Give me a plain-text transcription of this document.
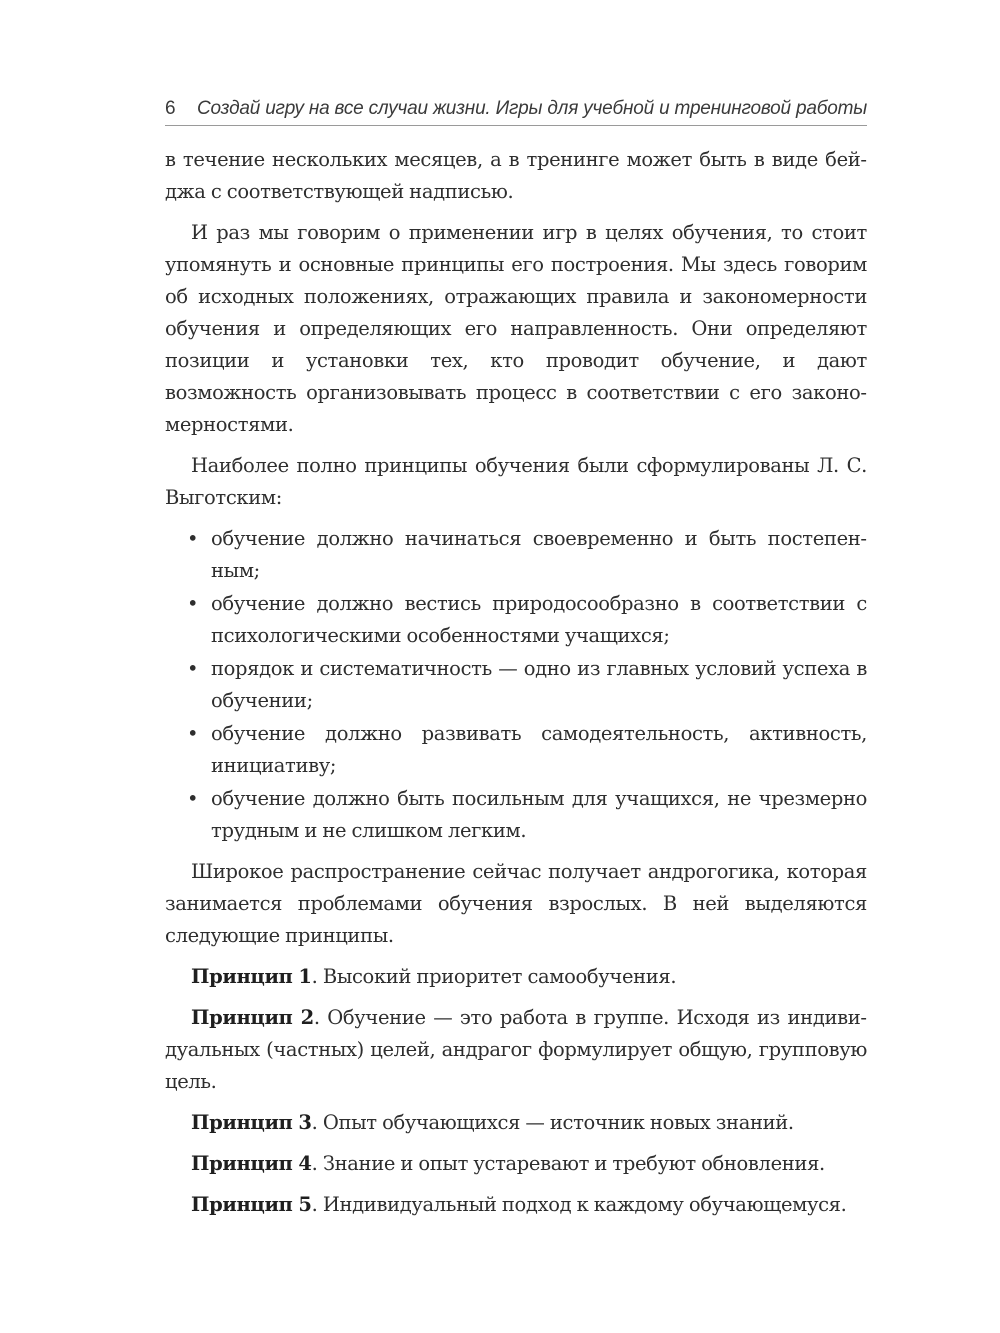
6 Создай игру на все случаи жизни. Игры для учебной и тренинговой работы

в течение нескольких месяцев, а в тренинге может быть в виде бейджа с соответствующей надписью.

И раз мы говорим о применении игр в целях обучения, то стоит упомянуть и основные принципы его построения. Мы здесь говорим об исходных положениях, отражающих правила и закономерности обучения и определяющих его направленность. Они определяют позиции и установки тех, кто проводит обучение, и дают возможность организовывать процесс в соответствии с его закономерностями.

Наиболее полно принципы обучения были сформулированы Л. С. Выготским:

• обучение должно начинаться своевременно и быть постепенным;
• обучение должно вестись природосообразно в соответствии с психологическими особенностями учащихся;
• порядок и систематичность — одно из главных условий успеха в обучении;
• обучение должно развивать самодеятельность, активность, инициативу;
• обучение должно быть посильным для учащихся, не чрезмерно трудным и не слишком легким.

Широкое распространение сейчас получает андрогогика, которая занимается проблемами обучения взрослых. В ней выделяются следующие принципы.

Принцип 1. Высокий приоритет самообучения.

Принцип 2. Обучение — это работа в группе. Исходя из индивидуальных (частных) целей, андрагог формулирует общую, групповую цель.

Принцип 3. Опыт обучающихся — источник новых знаний.

Принцип 4. Знание и опыт устаревают и требуют обновления.

Принцип 5. Индивидуальный подход к каждому обучающемуся.
